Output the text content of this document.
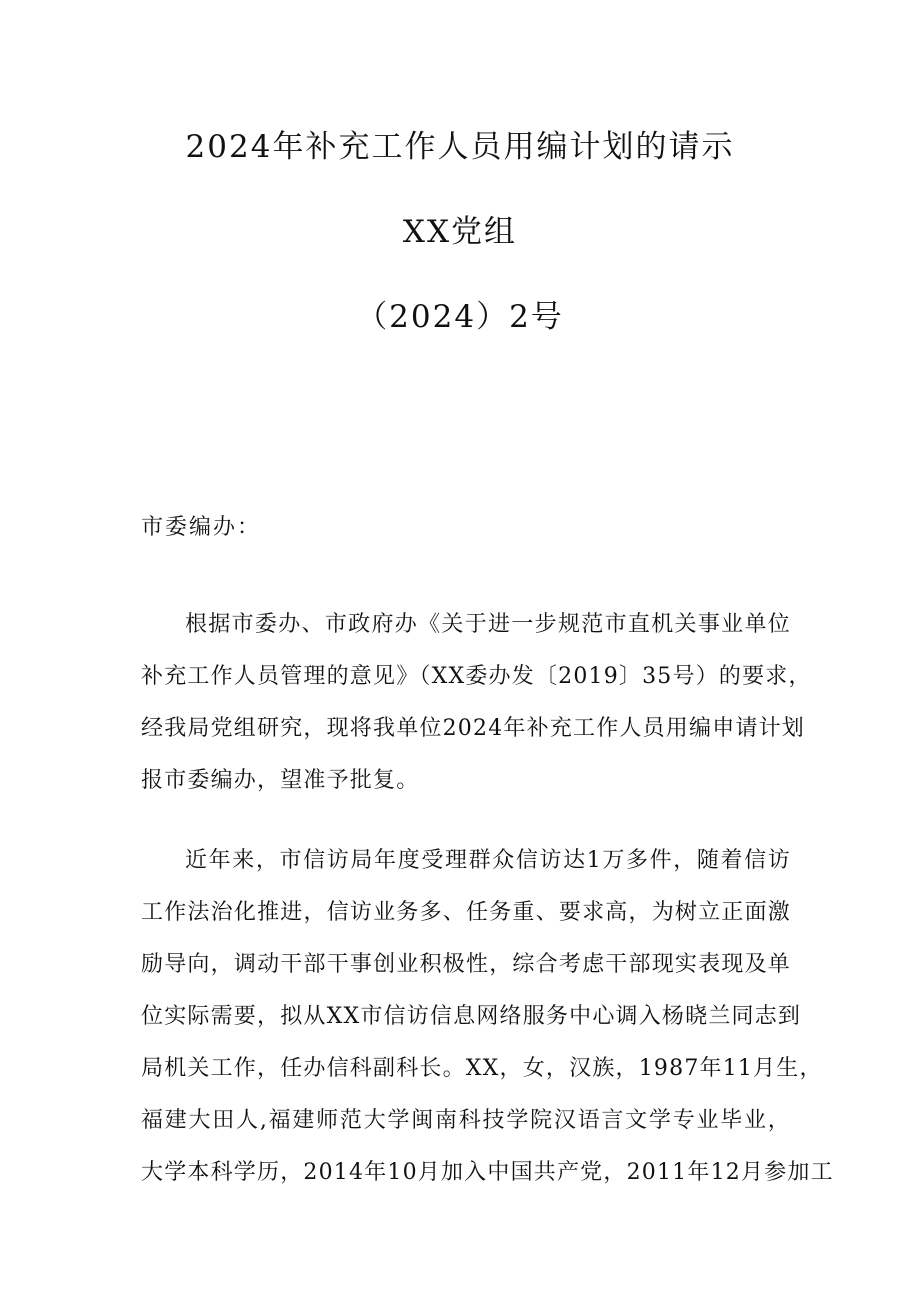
2024年补充工作人员用编计划的请示
XX党组
（2024）2号
市委编办：
根据市委办、市政府办《关于进一步规范市直机关事业单位
补充工作人员管理的意见》（XX委办发〔2019〕35号）的要求，
经我局党组研究，现将我单位2024年补充工作人员用编申请计划
报市委编办，望准予批复。
近年来，市信访局年度受理群众信访达1万多件，随着信访
工作法治化推进，信访业务多、任务重、要求高，为树立正面激
励导向，调动干部干事创业积极性，综合考虑干部现实表现及单
位实际需要，拟从XX市信访信息网络服务中心调入杨晓兰同志到
局机关工作，任办信科副科长。XX，女，汉族，1987年11月生，
福建大田人,福建师范大学闽南科技学院汉语言文学专业毕业，
大学本科学历，2014年10月加入中国共产党，2011年12月参加工
